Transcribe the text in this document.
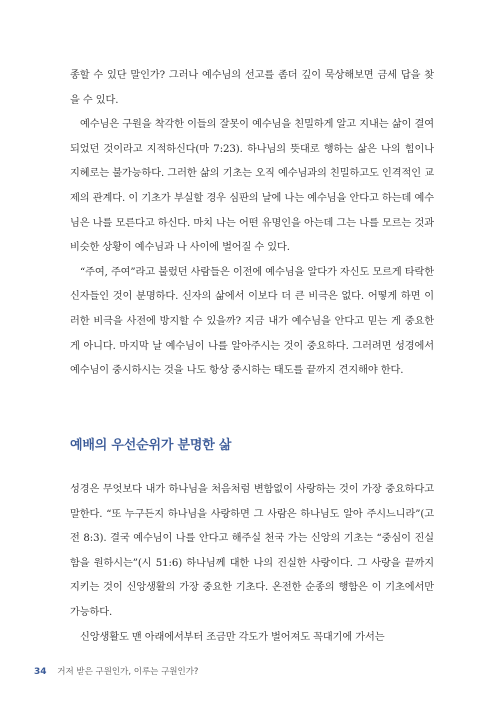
종할 수 있단 말인가? 그러나 예수님의 선고를 좀더 깊이 묵상해보면 금세 답을 찾을 수 있다.

예수님은 구원을 착각한 이들의 잘못이 예수님을 친밀하게 알고 지내는 삶이 결여되었던 것이라고 지적하신다(마 7:23). 하나님의 뜻대로 행하는 삶은 나의 힘이나 지혜로는 불가능하다. 그러한 삶의 기초는 오직 예수님과의 친밀하고도 인격적인 교제의 관계다. 이 기초가 부실할 경우 심판의 날에 나는 예수님을 안다고 하는데 예수님은 나를 모른다고 하신다. 마치 나는 어떤 유명인을 아는데 그는 나를 모르는 것과 비슷한 상황이 예수님과 나 사이에 벌어질 수 있다.

“주여, 주여”라고 불렀던 사람들은 이전에 예수님을 알다가 자신도 모르게 타락한 신자들인 것이 분명하다. 신자의 삶에서 이보다 더 큰 비극은 없다. 어떻게 하면 이러한 비극을 사전에 방지할 수 있을까? 지금 내가 예수님을 안다고 믿는 게 중요한 게 아니다. 마지막 날 예수님이 나를 알아주시는 것이 중요하다. 그러려면 성경에서 예수님이 중시하시는 것을 나도 항상 중시하는 태도를 끝까지 견지해야 한다.

예배의 우선순위가 분명한 삶

성경은 무엇보다 내가 하나님을 처음처럼 변함없이 사랑하는 것이 가장 중요하다고 말한다. “또 누구든지 하나님을 사랑하면 그 사람은 하나님도 알아 주시느니라”(고전 8:3). 결국 예수님이 나를 안다고 해주실 천국 가는 신앙의 기초는 “중심이 진실함을 원하시는”(시 51:6) 하나님께 대한 나의 진실한 사랑이다. 그 사랑을 끝까지 지키는 것이 신앙생활의 가장 중요한 기초다. 온전한 순종의 행함은 이 기초에서만 가능하다.

신앙생활도 맨 아래에서부터 조금만 각도가 벌어져도 꼭대기에 가서는

34 거저 받은 구원인가, 이루는 구원인가?
